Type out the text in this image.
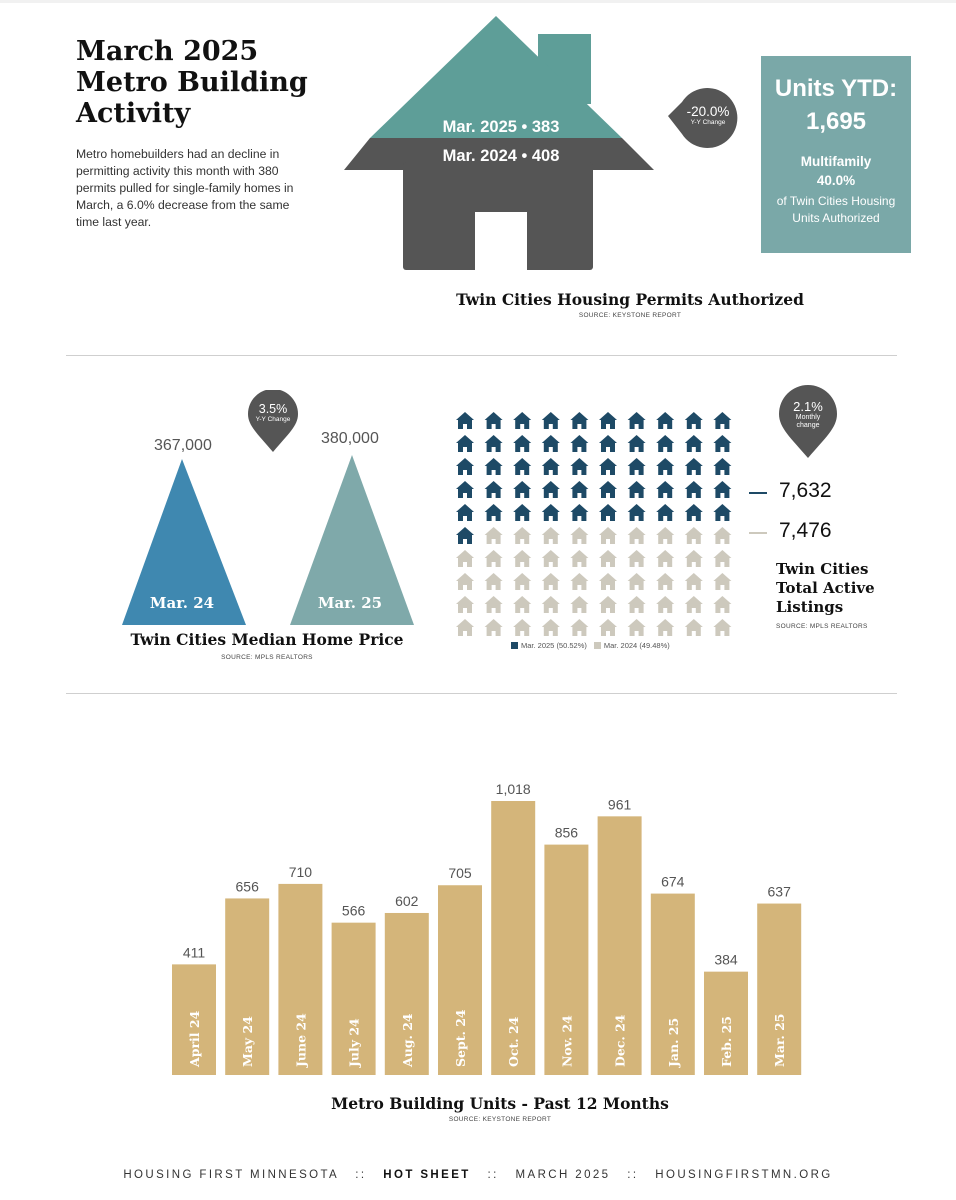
March 2025 Metro Building Activity
Metro homebuilders had an decline in permitting activity this month with 380 permits pulled for single-family homes in March, a 6.0% decrease from the same time last year.
Mar. 2025 • 383
Mar. 2024 • 408
-20.0%
Y-Y Change
Units YTD:
1,695
Multifamily
40.0%
of Twin Cities Housing Units Authorized
Twin Cities Housing Permits Authorized
SOURCE: KEYSTONE REPORT
367,000	380,000
3.5%
Y-Y Change
Mar. 24	Mar. 25
Twin Cities Median Home Price
SOURCE: MPLS REALTORS
Mar. 2025 (50.52%) Mar. 2024 (49.48%)
2.1%
Monthly change
7,632
7,476
Twin Cities Total Active Listings
SOURCE: MPLS REALTORS
411
April 24
656
May 24
710
June 24
566
July 24
602
Aug. 24
705
Sept. 24
1,018
Oct. 24
856
Nov. 24
961
Dec. 24
674
Jan. 25
384
Feb. 25
637
Mar. 25
Metro Building Units - Past 12 Months
SOURCE: KEYSTONE REPORT
HOUSING FIRST MINNESOTA :: HOT SHEET :: MARCH 2025 :: HOUSINGFIRSTMN.ORG
